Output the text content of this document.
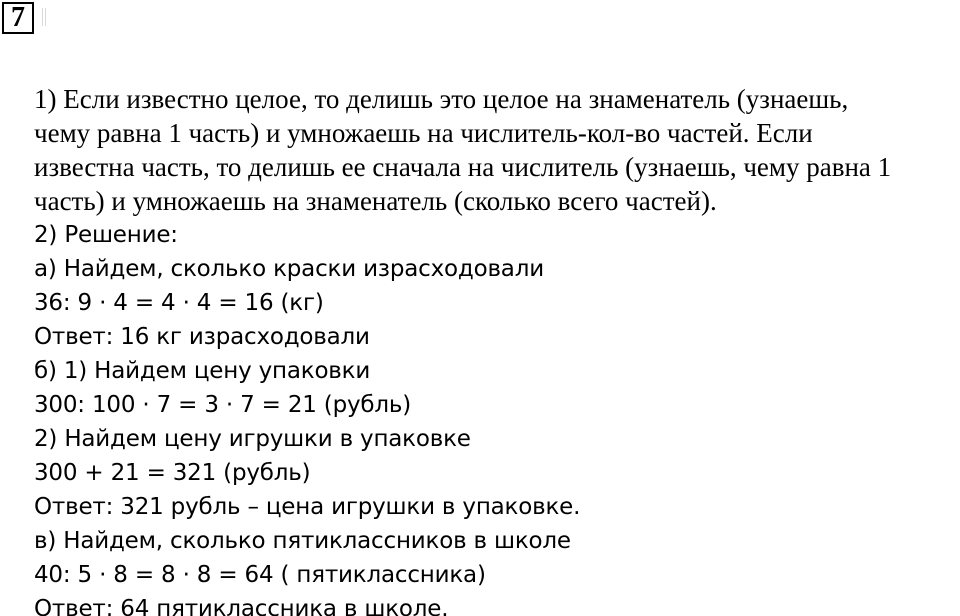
7
1) Если известно целое, то делишь это целое на знаменатель (узнаешь,
чему равна 1 часть) и умножаешь на числитель-кол-во частей. Если
известна часть, то делишь ее сначала на числитель (узнаешь, чему равна 1
часть) и умножаешь на знаменатель (сколько всего частей).
2) Решение:
а) Найдем, сколько краски израсходовали
36: 9 · 4 = 4 · 4 = 16 (кг)
Ответ: 16 кг израсходовали
б) 1) Найдем цену упаковки
300: 100 · 7 = 3 · 7 = 21 (рубль)
2) Найдем цену игрушки в упаковке
300 + 21 = 321 (рубль)
Ответ: 321 рубль – цена игрушки в упаковке.
в) Найдем, сколько пятиклассников в школе
40: 5 · 8 = 8 · 8 = 64 ( пятиклассника)
Ответ: 64 пятиклассника в школе.
